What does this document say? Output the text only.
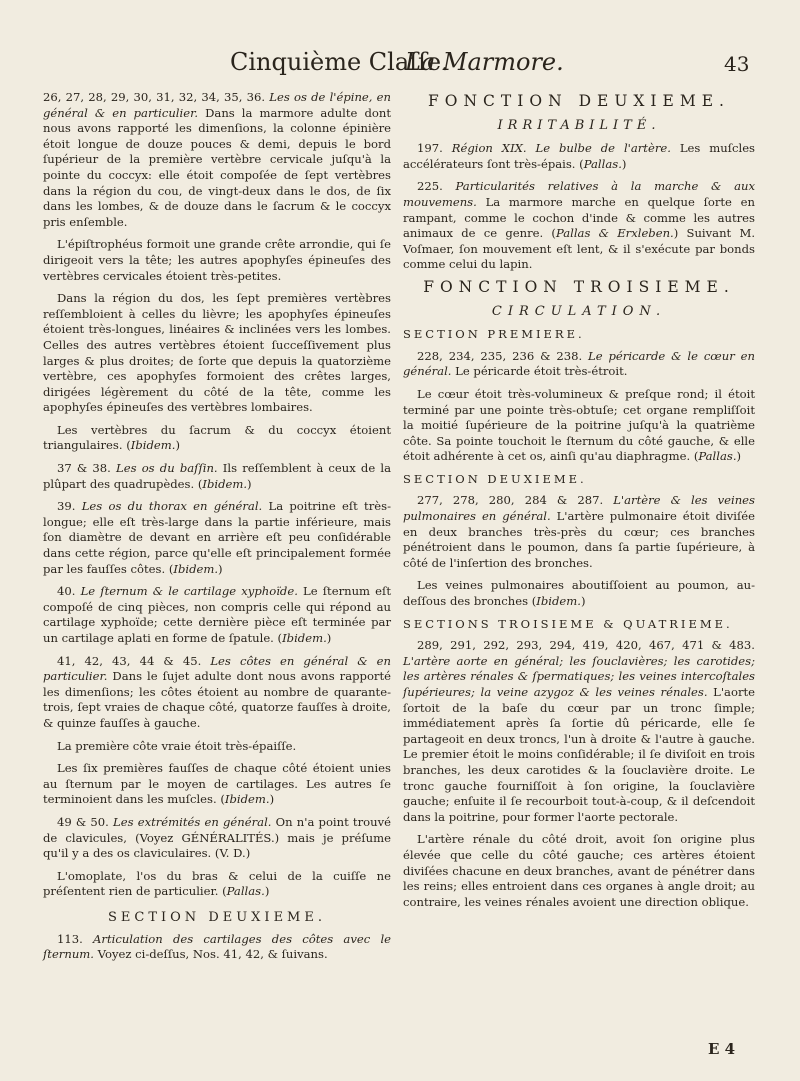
Cinquième Claſſe.
La Marmore.	43

26, 27, 28, 29, 30, 31, 32, 34, 35, 36. Les os de l'épine, en général & en particulier. Dans la marmore adulte dont nous avons rapporté les dimenſions, la colonne épinière étoit longue de douze pouces & demi, depuis le bord ſupérieur de la première vertèbre cervicale juſqu'à la pointe du coccyx: elle étoit compoſée de ſept vertèbres dans la région du cou, de vingt-deux dans le dos, de ſix dans les lombes, & de douze dans le ſacrum & le coccyx pris enſemble.

L'épiſtrophéus formoit une grande crête arrondie, qui ſe dirigeoit vers la tête; les autres apophyſes épineuſes des vertèbres cervicales étoient très-petites.

Dans la région du dos, les ſept premières vertèbres reſſembloient à celles du lièvre; les apophyſes épineuſes étoient très-longues, linéaires & inclinées vers les lombes. Celles des autres vertèbres étoient ſucceſſivement plus larges & plus droites; de ſorte que depuis la quatorzième vertèbre, ces apophyſes formoient des crêtes larges, dirigées légèrement du côté de la tête, comme les apophyſes épineuſes des vertèbres lombaires.

Les vertèbres du ſacrum & du coccyx étoient triangulaires. (Ibidem.)

37 & 38. Les os du baſſin. Ils reſſemblent à ceux de la plûpart des quadrupèdes. (Ibidem.)

39. Les os du thorax en général. La poitrine eſt très-longue; elle eſt très-large dans la partie inférieure, mais ſon diamètre de devant en arrière eſt peu conſidérable dans cette région, parce qu'elle eſt principalement formée par les fauſſes côtes. (Ibidem.)

40. Le ſternum & le cartilage xyphoïde. Le ſternum eſt compoſé de cinq pièces, non compris celle qui répond au cartilage xyphoïde; cette dernière pièce eſt terminée par un cartilage aplati en forme de ſpatule. (Ibidem.)

41, 42, 43, 44 & 45. Les côtes en général & en particulier. Dans le ſujet adulte dont nous avons rapporté les dimenſions; les côtes étoient au nombre de quarante-trois, ſept vraies de chaque côté, quatorze fauſſes à droite, & quinze fauſſes à gauche.

La première côte vraie étoit très-épaiſſe.

Les ſix premières fauſſes de chaque côté étoient unies au ſternum par le moyen de cartilages. Les autres ſe terminoient dans les muſcles. (Ibidem.)

49 & 50. Les extrémités en général. On n'a point trouvé de clavicules, (Voyez GÉNÉRALITÉS.) mais je préſume qu'il y a des os claviculaires. (V. D.)

L'omoplate, l'os du bras & celui de la cuiſſe ne préſentent rien de particulier. (Pallas.)

SECTION DEUXIEME.

113. Articulation des cartilages des côtes avec le ſternum. Voyez ci-deſſus, Nos. 41, 42, & ſuivans.

FONCTION DEUXIEME.
IRRITABILITÉ.

197. Région XIX. Le bulbe de l'artère. Les muſcles accélérateurs ſont très-épais. (Pallas.)

225. Particularités relatives à la marche & aux mouvemens. La marmore marche en quelque ſorte en rampant, comme le cochon d'inde & comme les autres animaux de ce genre. (Pallas & Erxleben.) Suivant M. Voſmaer, ſon mouvement eſt lent, & il s'exécute par bonds comme celui du lapin.

FONCTION TROISIEME.
CIRCULATION.
SECTION PREMIERE.

228, 234, 235, 236 & 238. Le péricarde & le cœur en général. Le péricarde étoit très-étroit.

Le cœur étoit très-volumineux & preſque rond; il étoit terminé par une pointe très-obtuſe; cet organe rempliſſoit la moitié ſupérieure de la poitrine juſqu'à la quatrième côte. Sa pointe touchoit le ſternum du côté gauche, & elle étoit adhérente à cet os, ainſi qu'au diaphragme. (Pallas.)

SECTION DEUXIEME.

277, 278, 280, 284 & 287. L'artère & les veines pulmonaires en général. L'artère pulmonaire étoit diviſée en deux branches très-près du cœur; ces branches pénétroient dans le poumon, dans ſa partie ſupérieure, à côté de l'inſertion des bronches.

Les veines pulmonaires aboutiſſoient au poumon, au-deſſous des bronches (Ibidem.)

SECTIONS TROISIEME & QUATRIEME.

289, 291, 292, 293, 294, 419, 420, 467, 471 & 483. L'artère aorte en général; les ſouclavières; les carotides; les artères rénales & ſpermatiques; les veines intercoſtales ſupérieures; la veine azygoz & les veines rénales. L'aorte ſortoit de la baſe du cœur par un tronc ſimple; immédiatement après ſa ſortie dû péricarde, elle ſe partageoit en deux troncs, l'un à droite & l'autre à gauche. Le premier étoit le moins conſidérable; il ſe diviſoit en trois branches, les deux carotides & la ſouclavière droite. Le tronc gauche fourniſſoit à ſon origine, la ſouclavière gauche; enſuite il ſe recourboit tout-à-coup, & il deſcendoit dans la poitrine, pour former l'aorte pectorale.

L'artère rénale du côté droit, avoit ſon origine plus élevée que celle du côté gauche; ces artères étoient diviſées chacune en deux branches, avant de pénétrer dans les reins; elles entroient dans ces organes à angle droit; au contraire, les veines rénales avoient une direction oblique.

E 4
